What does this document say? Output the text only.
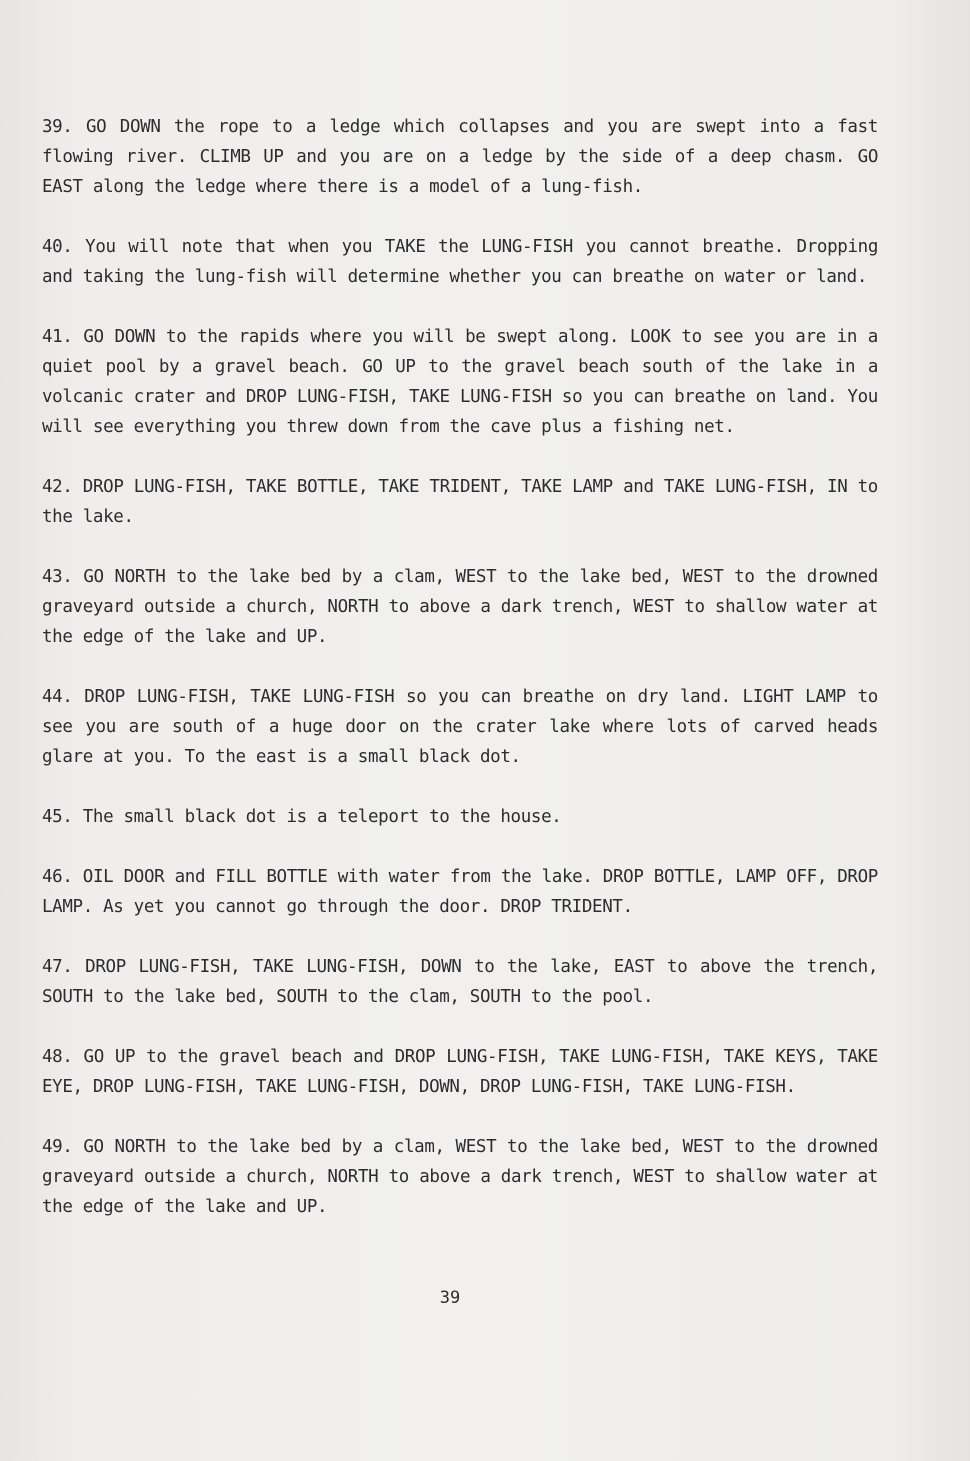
39. GO DOWN the rope to a ledge which collapses and you are swept into a fast flowing river. CLIMB UP and you are on a ledge by the side of a deep chasm. GO EAST along the ledge where there is a model of a lung-fish.

40. You will note that when you TAKE the LUNG-FISH you cannot breathe. Dropping and taking the lung-fish will determine whether you can breathe on water or land.

41. GO DOWN to the rapids where you will be swept along. LOOK to see you are in a quiet pool by a gravel beach. GO UP to the gravel beach south of the lake in a volcanic crater and DROP LUNG-FISH, TAKE LUNG-FISH so you can breathe on land. You will see everything you threw down from the cave plus a fishing net.

42. DROP LUNG-FISH, TAKE BOTTLE, TAKE TRIDENT, TAKE LAMP and TAKE LUNG-FISH, IN to the lake.

43. GO NORTH to the lake bed by a clam, WEST to the lake bed, WEST to the drowned graveyard outside a church, NORTH to above a dark trench, WEST to shallow water at the edge of the lake and UP.

44. DROP LUNG-FISH, TAKE LUNG-FISH so you can breathe on dry land. LIGHT LAMP to see you are south of a huge door on the crater lake where lots of carved heads glare at you. To the east is a small black dot.

45. The small black dot is a teleport to the house.

46. OIL DOOR and FILL BOTTLE with water from the lake. DROP BOTTLE, LAMP OFF, DROP LAMP. As yet you cannot go through the door. DROP TRIDENT.

47. DROP LUNG-FISH, TAKE LUNG-FISH, DOWN to the lake, EAST to above the trench, SOUTH to the lake bed, SOUTH to the clam, SOUTH to the pool.

48. GO UP to the gravel beach and DROP LUNG-FISH, TAKE LUNG-FISH, TAKE KEYS, TAKE EYE, DROP LUNG-FISH, TAKE LUNG-FISH, DOWN, DROP LUNG-FISH, TAKE LUNG-FISH.

49. GO NORTH to the lake bed by a clam, WEST to the lake bed, WEST to the drowned graveyard outside a church, NORTH to above a dark trench, WEST to shallow water at the edge of the lake and UP.

39
